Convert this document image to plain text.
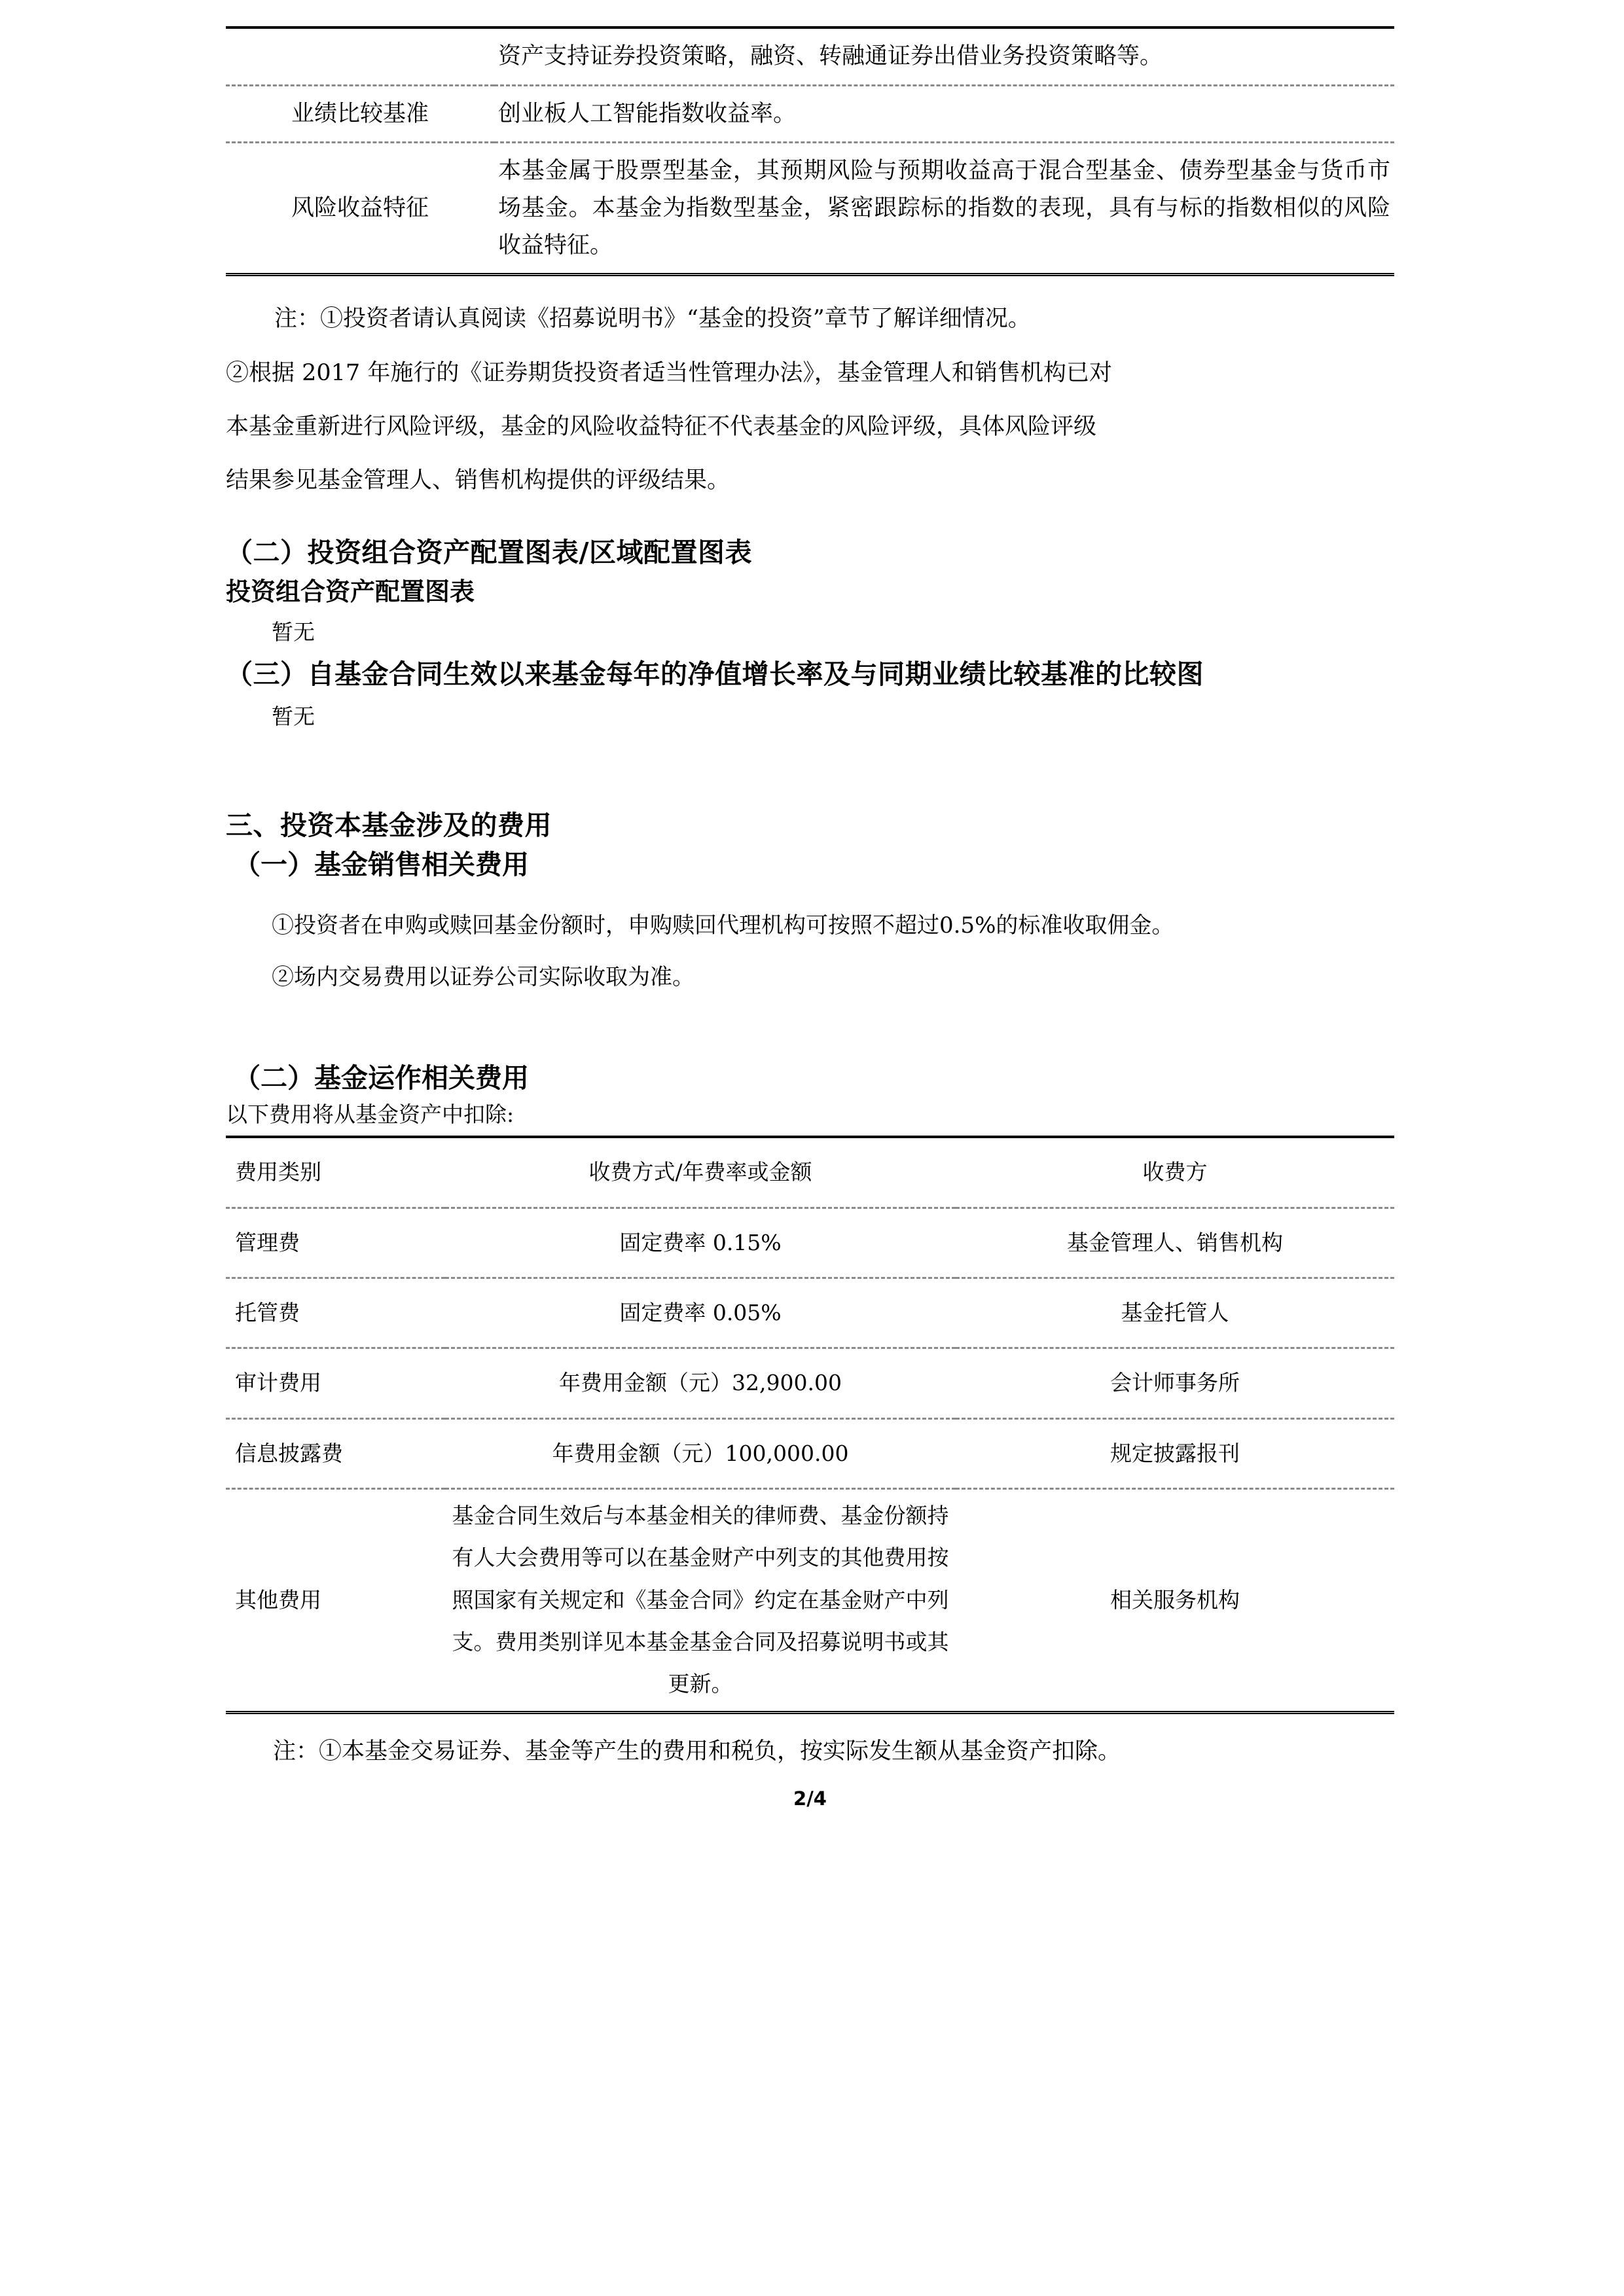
	资产支持证券投资策略，融资、转融通证券出借业务投资策略等。
业绩比较基准	创业板人工智能指数收益率。
风险收益特征	本基金属于股票型基金，其预期风险与预期收益高于混合型基金、债券型基金与货币市场基金。本基金为指数型基金，紧密跟踪标的指数的表现，具有与标的指数相似的风险收益特征。

注：①投资者请认真阅读《招募说明书》“基金的投资”章节了解详细情况。

②根据 2017 年施行的《证券期货投资者适当性管理办法》，基金管理人和销售机构已对

本基金重新进行风险评级，基金的风险收益特征不代表基金的风险评级，具体风险评级

结果参见基金管理人、销售机构提供的评级结果。

（二）投资组合资产配置图表/区域配置图表

投资组合资产配置图表

暂无

（三）自基金合同生效以来基金每年的净值增长率及与同期业绩比较基准的比较图

暂无

三、投资本基金涉及的费用
（一）基金销售相关费用

①投资者在申购或赎回基金份额时，申购赎回代理机构可按照不超过0.5%的标准收取佣金。

②场内交易费用以证券公司实际收取为准。

（二）基金运作相关费用

以下费用将从基金资产中扣除:

费用类别	收费方式/年费率或金额	收费方
管理费	固定费率 0.15%	基金管理人、销售机构
托管费	固定费率 0.05%	基金托管人
审计费用	年费用金额（元）32,900.00	会计师事务所
信息披露费	年费用金额（元）100,000.00	规定披露报刊
其他费用	基金合同生效后与本基金相关的律师费、基金份额持有人大会费用等可以在基金财产中列支的其他费用按照国家有关规定和《基金合同》约定在基金财产中列支。费用类别详见本基金基金合同及招募说明书或其更新。	相关服务机构

注：①本基金交易证券、基金等产生的费用和税负，按实际发生额从基金资产扣除。

2/4
